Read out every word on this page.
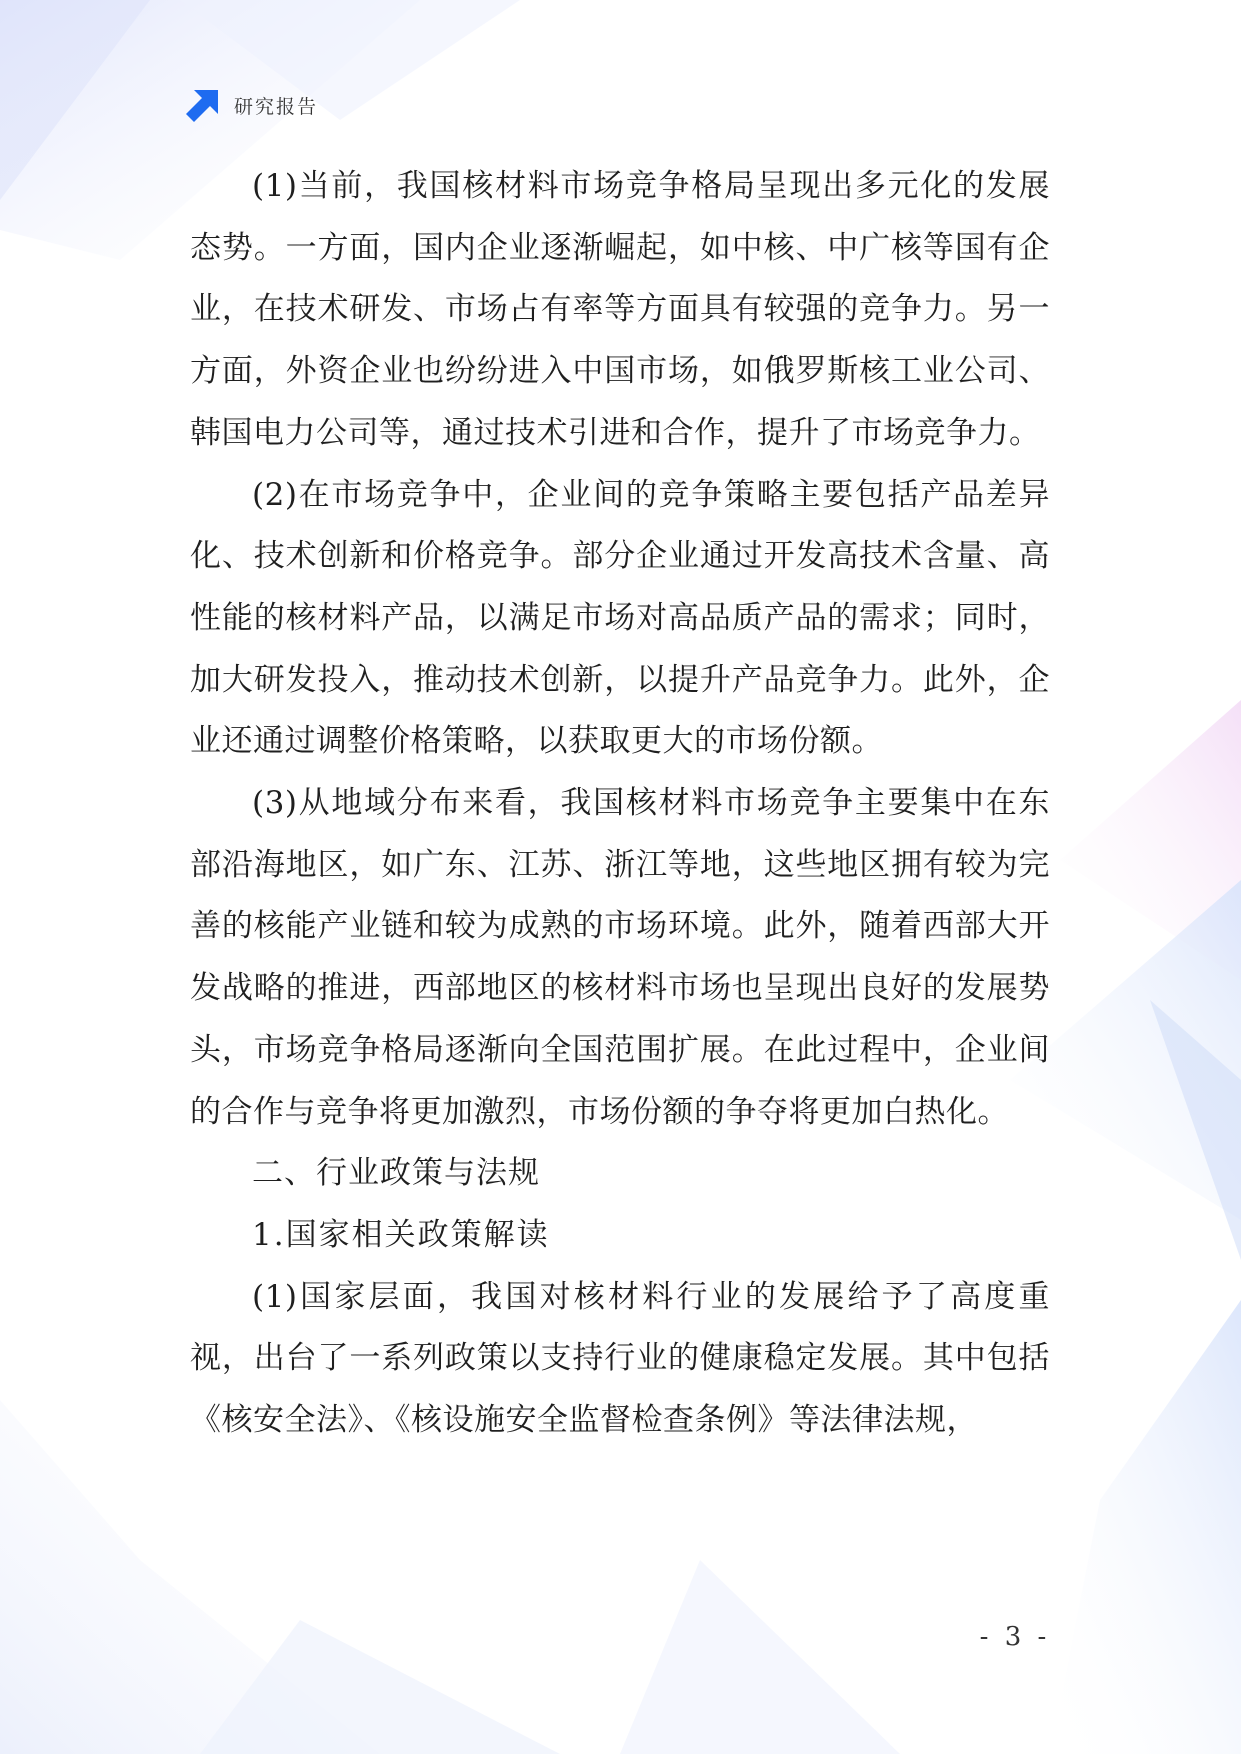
研究报告

(1)当前，我国核材料市场竞争格局呈现出多元化的发展态势。一方面，国内企业逐渐崛起，如中核、中广核等国有企业，在技术研发、市场占有率等方面具有较强的竞争力。另一方面，外资企业也纷纷进入中国市场，如俄罗斯核工业公司、韩国电力公司等，通过技术引进和合作，提升了市场竞争力。

(2)在市场竞争中，企业间的竞争策略主要包括产品差异化、技术创新和价格竞争。部分企业通过开发高技术含量、高性能的核材料产品，以满足市场对高品质产品的需求；同时，加大研发投入，推动技术创新，以提升产品竞争力。此外，企业还通过调整价格策略，以获取更大的市场份额。

(3)从地域分布来看，我国核材料市场竞争主要集中在东部沿海地区，如广东、江苏、浙江等地，这些地区拥有较为完善的核能产业链和较为成熟的市场环境。此外，随着西部大开发战略的推进，西部地区的核材料市场也呈现出良好的发展势头，市场竞争格局逐渐向全国范围扩展。在此过程中，企业间的合作与竞争将更加激烈，市场份额的争夺将更加白热化。

二、行业政策与法规
1.国家相关政策解读

(1)国家层面，我国对核材料行业的发展给予了高度重视，出台了一系列政策以支持行业的健康稳定发展。其中包括《核安全法》、《核设施安全监督检查条例》等法律法规，

- 3 -
